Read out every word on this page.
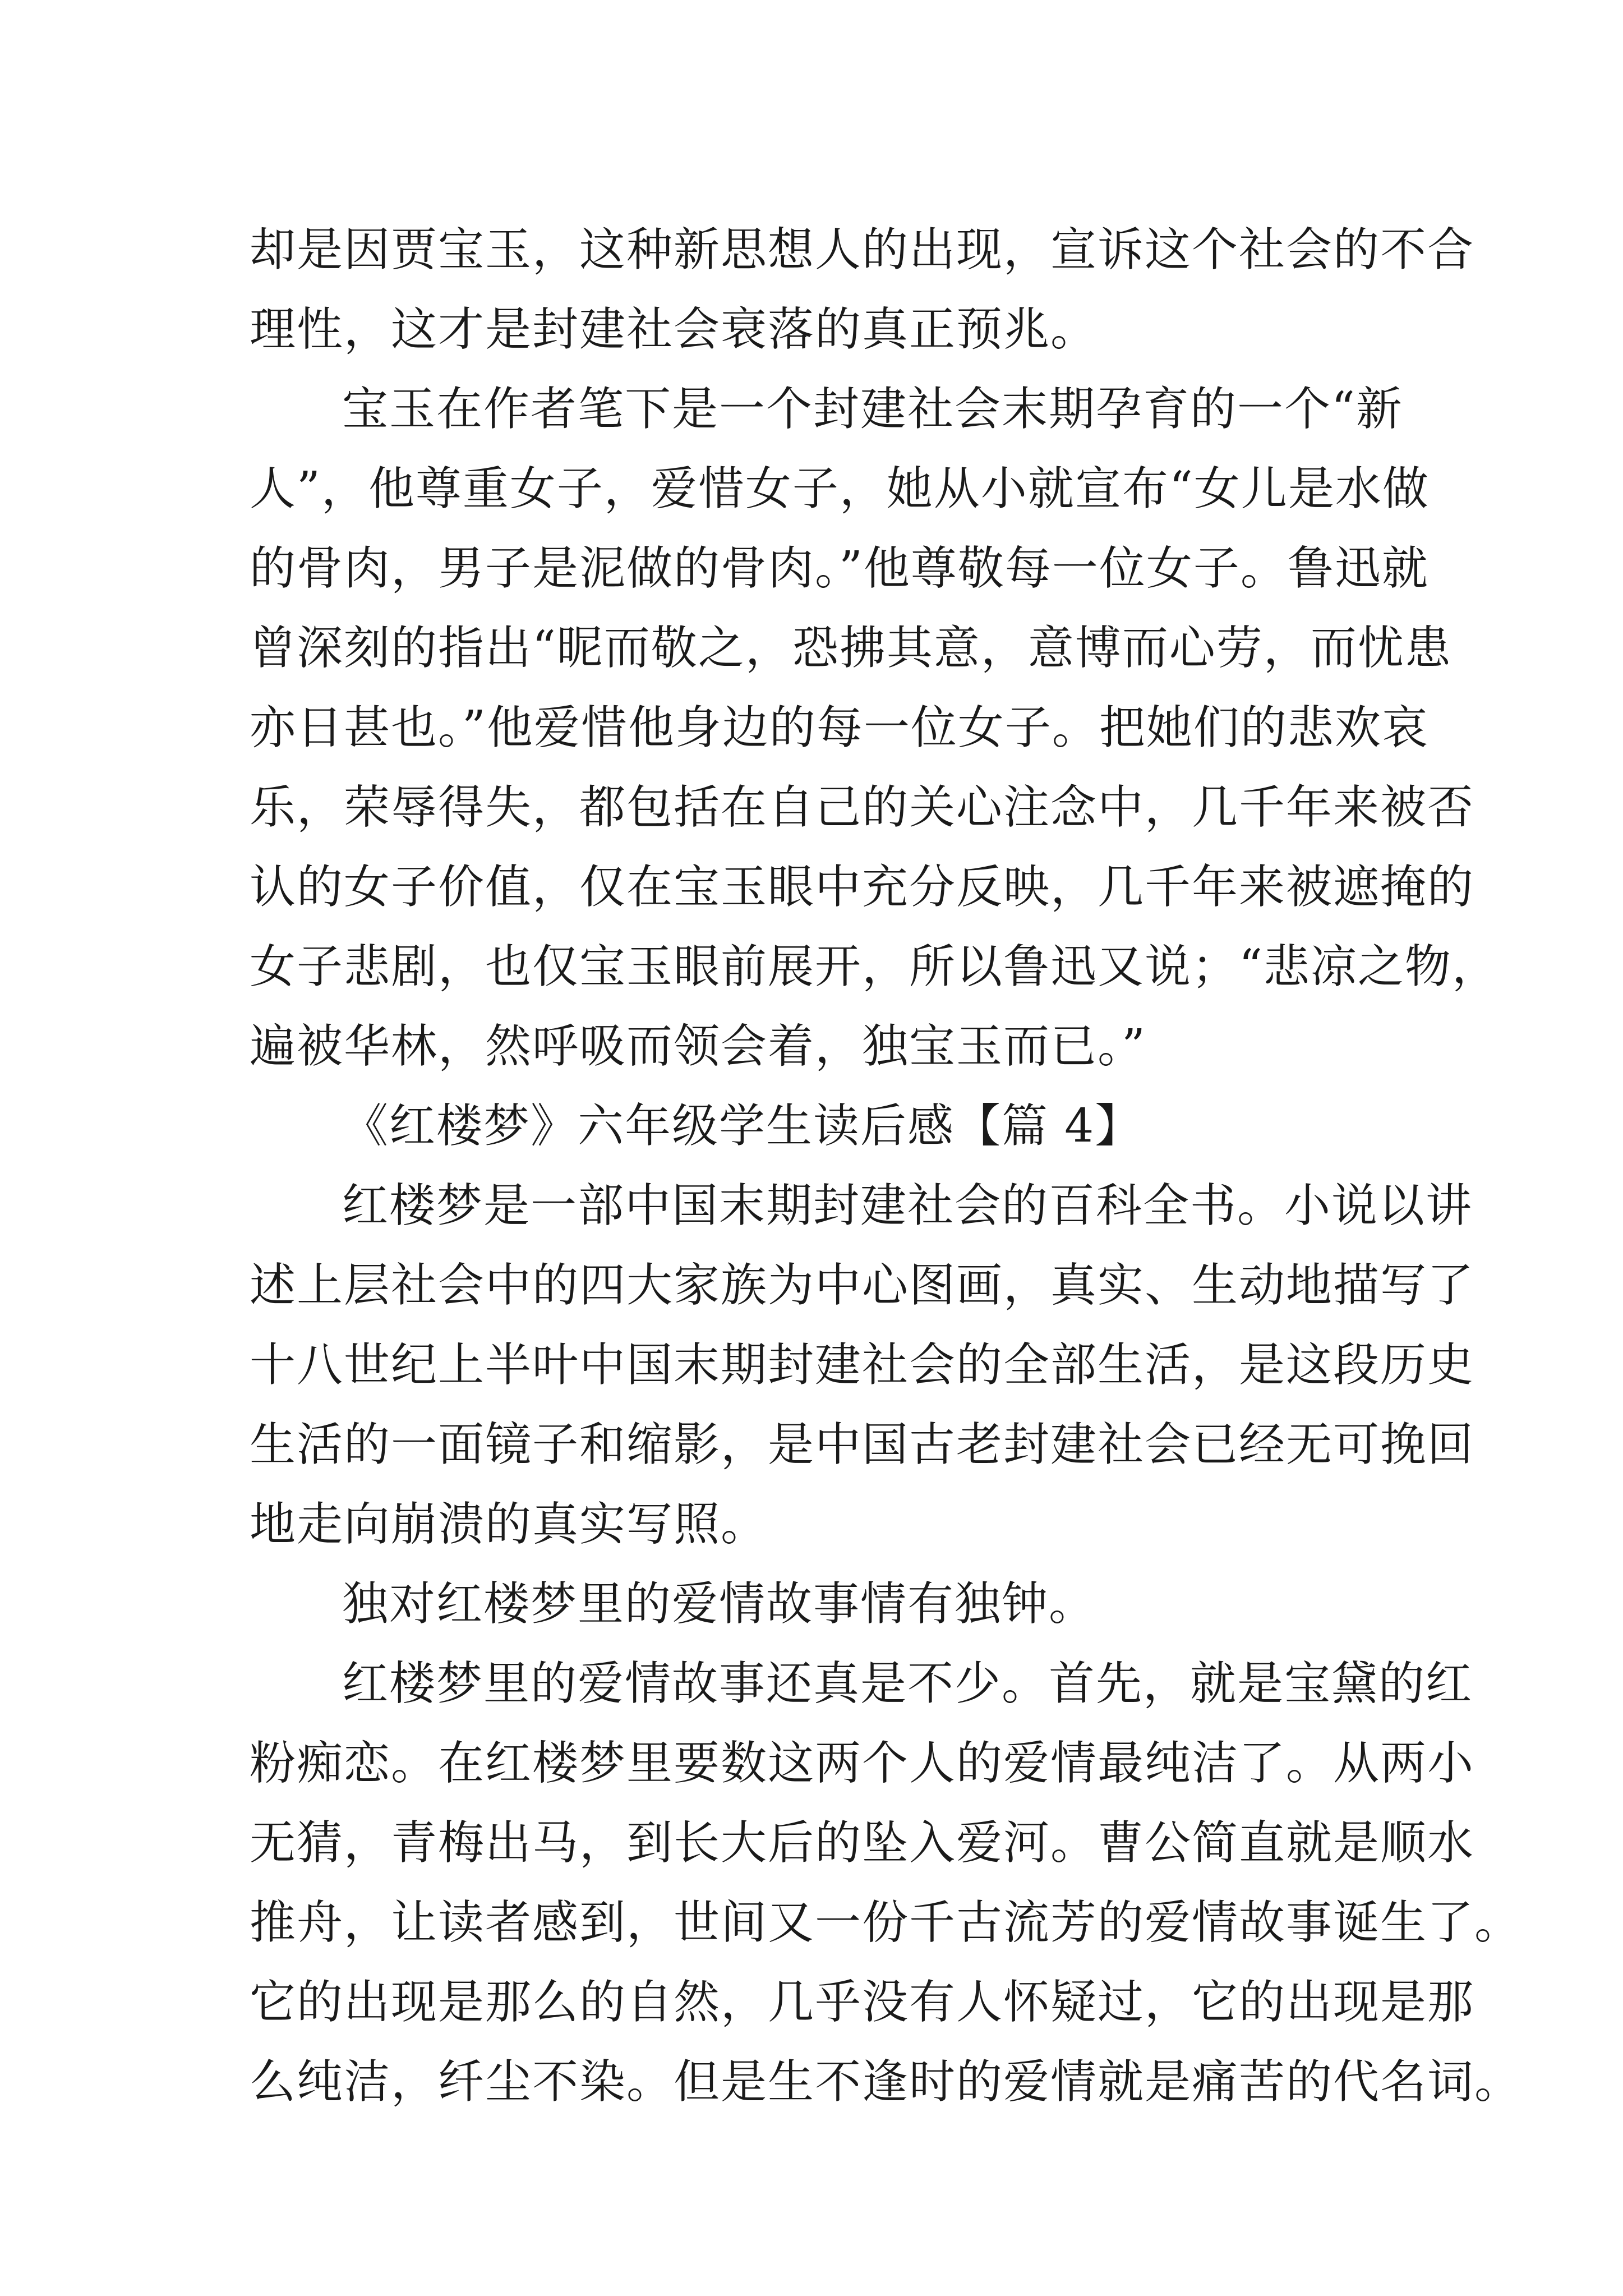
却是因贾宝玉，这种新思想人的出现，宣诉这个社会的不合
理性，这才是封建社会衰落的真正预兆。
宝玉在作者笔下是一个封建社会末期孕育的一个“新
人”，他尊重女子，爱惜女子，她从小就宣布“女儿是水做
的骨肉，男子是泥做的骨肉。”他尊敬每一位女子。鲁迅就
曾深刻的指出“昵而敬之，恐拂其意，意博而心劳，而忧患
亦日甚也。”他爱惜他身边的每一位女子。把她们的悲欢哀
乐，荣辱得失，都包括在自己的关心注念中，几千年来被否
认的女子价值，仅在宝玉眼中充分反映，几千年来被遮掩的
女子悲剧，也仅宝玉眼前展开，所以鲁迅又说；“悲凉之物，
遍被华林，然呼吸而领会着，独宝玉而已。”
《红楼梦》六年级学生读后感【篇 4】
红楼梦是一部中国末期封建社会的百科全书。小说以讲
述上层社会中的四大家族为中心图画，真实、生动地描写了
十八世纪上半叶中国末期封建社会的全部生活，是这段历史
生活的一面镜子和缩影，是中国古老封建社会已经无可挽回
地走向崩溃的真实写照。
独对红楼梦里的爱情故事情有独钟。
红楼梦里的爱情故事还真是不少。首先，就是宝黛的红
粉痴恋。在红楼梦里要数这两个人的爱情最纯洁了。从两小
无猜，青梅出马，到长大后的坠入爱河。曹公简直就是顺水
推舟，让读者感到，世间又一份千古流芳的爱情故事诞生了。
它的出现是那么的自然，几乎没有人怀疑过，它的出现是那
么纯洁，纤尘不染。但是生不逢时的爱情就是痛苦的代名词。
